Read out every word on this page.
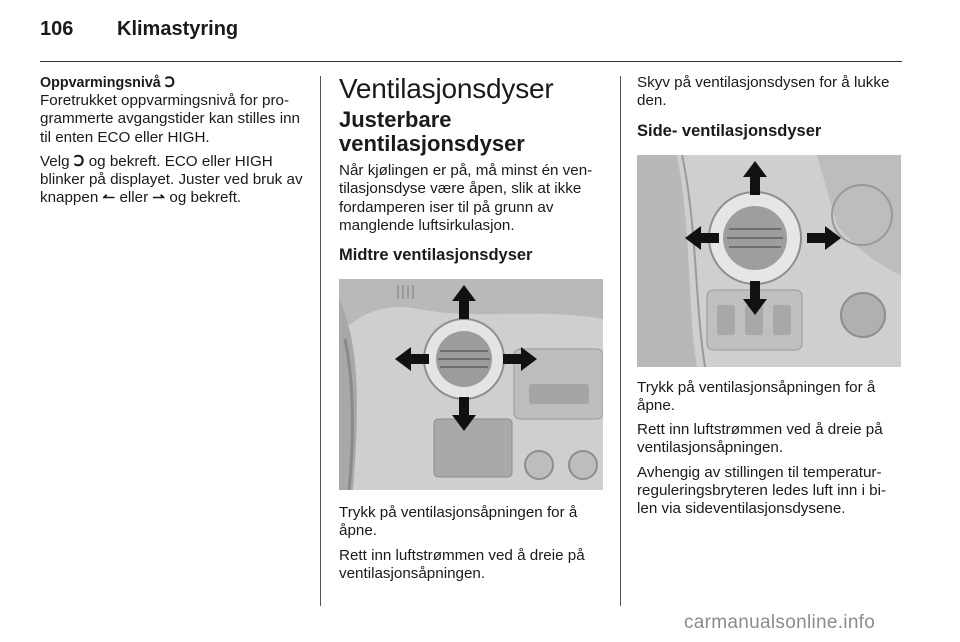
106 Klimastyring
Oppvarmingsnivå Ↄ

Foretrukket oppvarmingsnivå for pro-grammerte avgangstider kan stilles inn til enten ECO eller HIGH.

Velg Ↄ og bekreft. ECO eller HIGH blinker på displayet. Juster ved bruk av knappen ↼ eller ⇀ og bekreft.

Ventilasjonsdyser
Justerbare ventilasjonsdyser

Når kjølingen er på, må minst én ven-tilasjonsdyse være åpen, slik at ikke fordamperen iser til på grunn av manglende luftsirkulasjon.

Midtre ventilasjonsdyser

Trykk på ventilasjonsåpningen for å åpne.

Rett inn luftstrømmen ved å dreie på ventilasjonsåpningen.

Skyv på ventilasjonsdysen for å lukke den.

Side- ventilasjonsdyser

Trykk på ventilasjonsåpningen for å åpne.

Rett inn luftstrømmen ved å dreie på ventilasjonsåpningen.

Avhengig av stillingen til temperatur-reguleringsbryteren ledes luft inn i bi-len via sideventilasjonsdysene.

carmanualsonline.info
